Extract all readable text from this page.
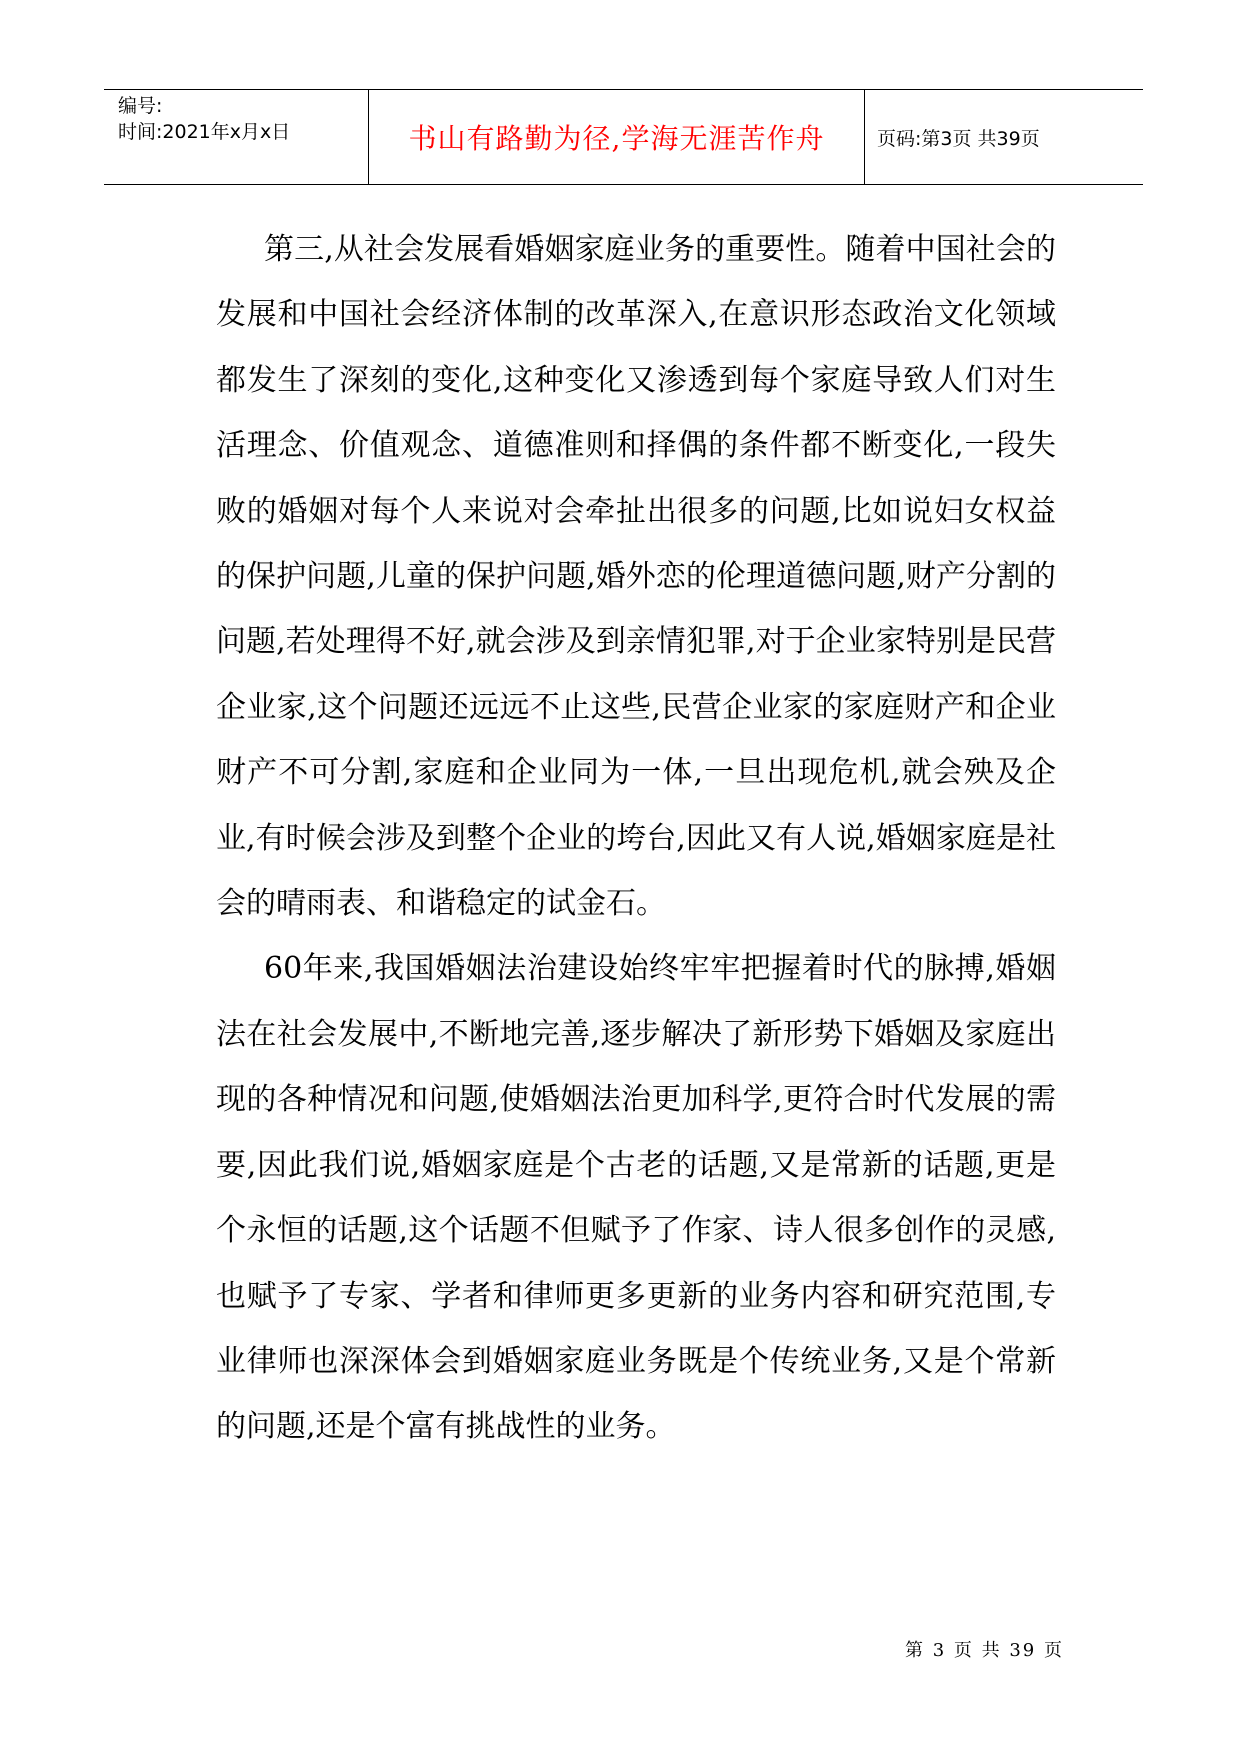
编号:
时间:2021年x月x日	书山有路勤为径,学海无涯苦作舟	页码:第3页 共39页

第三,从社会发展看婚姻家庭业务的重要性。随着中国社会的发展和中国社会经济体制的改革深入,在意识形态政治文化领域都发生了深刻的变化,这种变化又渗透到每个家庭导致人们对生活理念、价值观念、道德准则和择偶的条件都不断变化,一段失败的婚姻对每个人来说对会牵扯出很多的问题,比如说妇女权益的保护问题,儿童的保护问题,婚外恋的伦理道德问题,财产分割的问题,若处理得不好,就会涉及到亲情犯罪,对于企业家特别是民营企业家,这个问题还远远不止这些,民营企业家的家庭财产和企业财产不可分割,家庭和企业同为一体,一旦出现危机,就会殃及企业,有时候会涉及到整个企业的垮台,因此又有人说,婚姻家庭是社会的晴雨表、和谐稳定的试金石。

60年来,我国婚姻法治建设始终牢牢把握着时代的脉搏,婚姻法在社会发展中,不断地完善,逐步解决了新形势下婚姻及家庭出现的各种情况和问题,使婚姻法治更加科学,更符合时代发展的需要,因此我们说,婚姻家庭是个古老的话题,又是常新的话题,更是个永恒的话题,这个话题不但赋予了作家、诗人很多创作的灵感,也赋予了专家、学者和律师更多更新的业务内容和研究范围,专业律师也深深体会到婚姻家庭业务既是个传统业务,又是个常新的问题,还是个富有挑战性的业务。

第 3 页 共 39 页
